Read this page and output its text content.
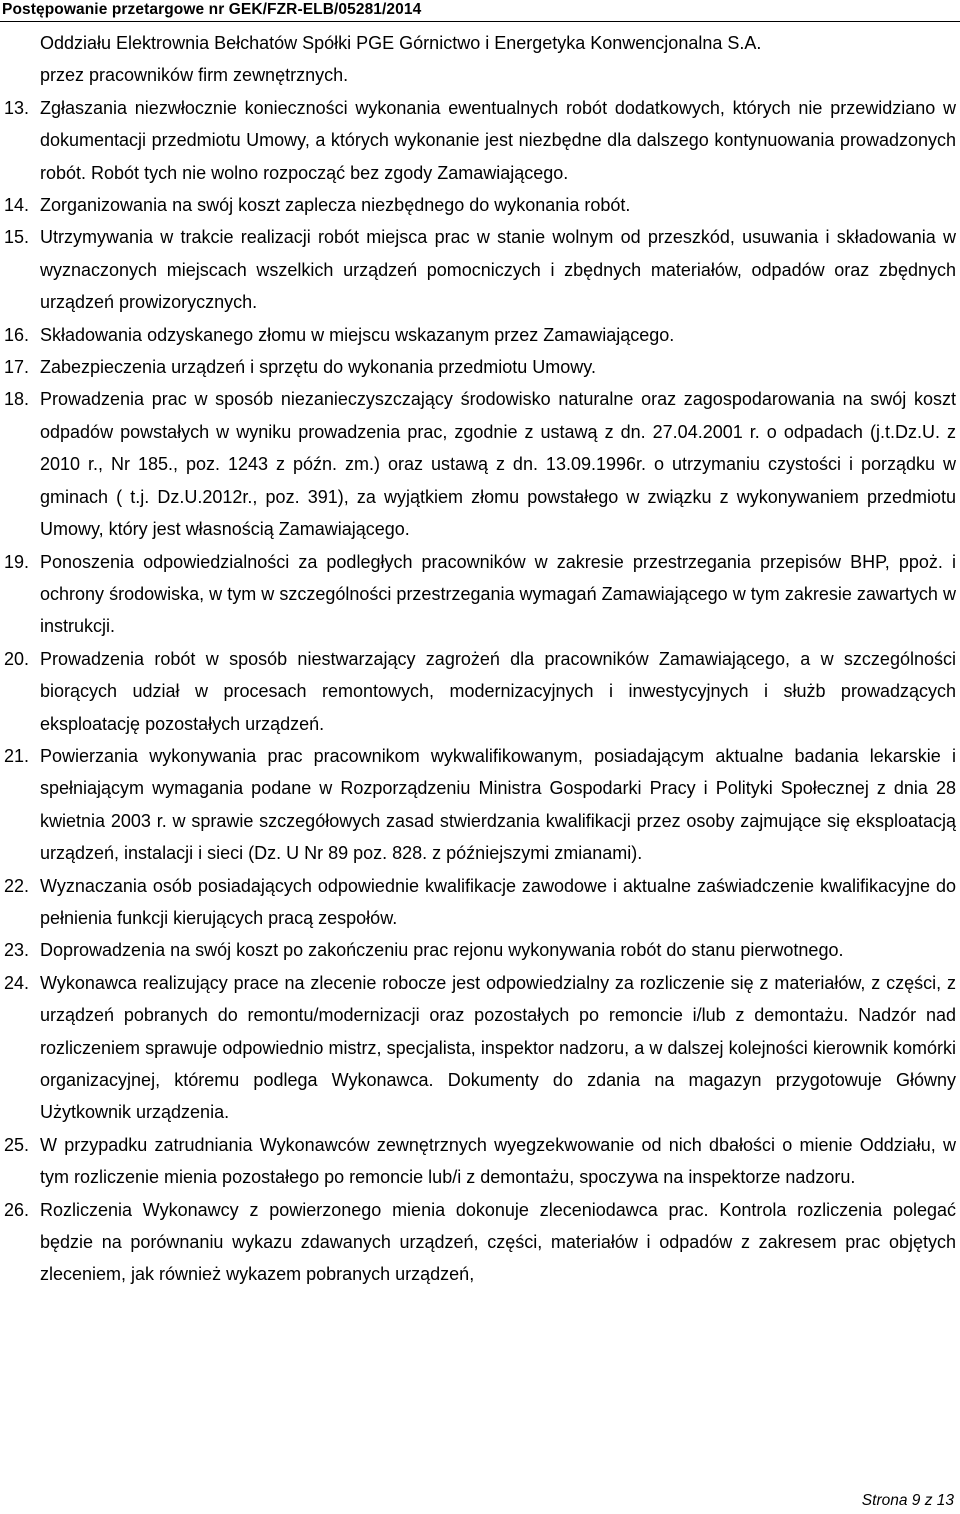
Postępowanie przetargowe nr GEK/FZR-ELB/05281/2014
Oddziału Elektrownia Bełchatów Spółki PGE Górnictwo i Energetyka Konwencjonalna S.A.
przez pracowników firm zewnętrznych.
13. Zgłaszania niezwłocznie konieczności wykonania ewentualnych robót dodatkowych, których nie przewidziano w dokumentacji przedmiotu Umowy, a których wykonanie jest niezbędne dla dalszego kontynuowania prowadzonych robót. Robót tych nie wolno rozpocząć bez zgody Zamawiającego.
14. Zorganizowania na swój koszt zaplecza niezbędnego do wykonania robót.
15. Utrzymywania w trakcie realizacji robót miejsca prac w stanie wolnym od przeszkód, usuwania i składowania w wyznaczonych miejscach wszelkich urządzeń pomocniczych i zbędnych materiałów, odpadów oraz zbędnych urządzeń prowizorycznych.
16. Składowania odzyskanego złomu w miejscu wskazanym przez Zamawiającego.
17. Zabezpieczenia urządzeń i sprzętu do wykonania przedmiotu Umowy.
18. Prowadzenia prac w sposób niezanieczyszczający środowisko naturalne oraz zagospodarowania na swój koszt odpadów powstałych w wyniku prowadzenia prac, zgodnie z ustawą z dn. 27.04.2001 r. o odpadach (j.t.Dz.U. z 2010 r., Nr 185., poz. 1243 z późn. zm.) oraz ustawą z dn. 13.09.1996r. o utrzymaniu czystości i porządku w gminach ( t.j. Dz.U.2012r., poz. 391), za wyjątkiem złomu powstałego w związku z wykonywaniem przedmiotu Umowy, który jest własnością Zamawiającego.
19. Ponoszenia odpowiedzialności za podległych pracowników w zakresie przestrzegania przepisów BHP, ppoż. i ochrony środowiska, w tym w szczególności przestrzegania wymagań Zamawiającego w tym zakresie zawartych w instrukcji.
20. Prowadzenia robót w sposób niestwarzający zagrożeń dla pracowników Zamawiającego, a w szczególności biorących udział w procesach remontowych, modernizacyjnych i inwestycyjnych i służb prowadzących eksploatację pozostałych urządzeń.
21. Powierzania wykonywania prac pracownikom wykwalifikowanym, posiadającym aktualne badania lekarskie i spełniającym wymagania podane w Rozporządzeniu Ministra Gospodarki Pracy i Polityki Społecznej z dnia 28 kwietnia 2003 r. w sprawie szczegółowych zasad stwierdzania kwalifikacji przez osoby zajmujące się eksploatacją urządzeń, instalacji i sieci (Dz. U Nr 89 poz. 828. z późniejszymi zmianami).
22. Wyznaczania osób posiadających odpowiednie kwalifikacje zawodowe i aktualne zaświadczenie kwalifikacyjne do pełnienia funkcji kierujących pracą zespołów.
23. Doprowadzenia na swój koszt po zakończeniu prac rejonu wykonywania robót do stanu pierwotnego.
24. Wykonawca realizujący prace na zlecenie robocze jest odpowiedzialny za rozliczenie się z materiałów, z części, z urządzeń pobranych do remontu/modernizacji oraz pozostałych po remoncie i/lub z demontażu. Nadzór nad rozliczeniem sprawuje odpowiednio mistrz, specjalista, inspektor nadzoru, a w dalszej kolejności kierownik komórki organizacyjnej, któremu podlega Wykonawca. Dokumenty do zdania na magazyn przygotowuje Główny Użytkownik urządzenia.
25. W przypadku zatrudniania Wykonawców zewnętrznych wyegzekwowanie od nich dbałości o mienie Oddziału, w tym rozliczenie mienia pozostałego po remoncie lub/i z demontażu, spoczywa na inspektorze nadzoru.
26. Rozliczenia Wykonawcy z powierzonego mienia dokonuje zleceniodawca prac. Kontrola rozliczenia polegać będzie na porównaniu wykazu zdawanych urządzeń, części, materiałów i odpadów z zakresem prac objętych zleceniem, jak również wykazem pobranych urządzeń,
Strona 9 z 13
